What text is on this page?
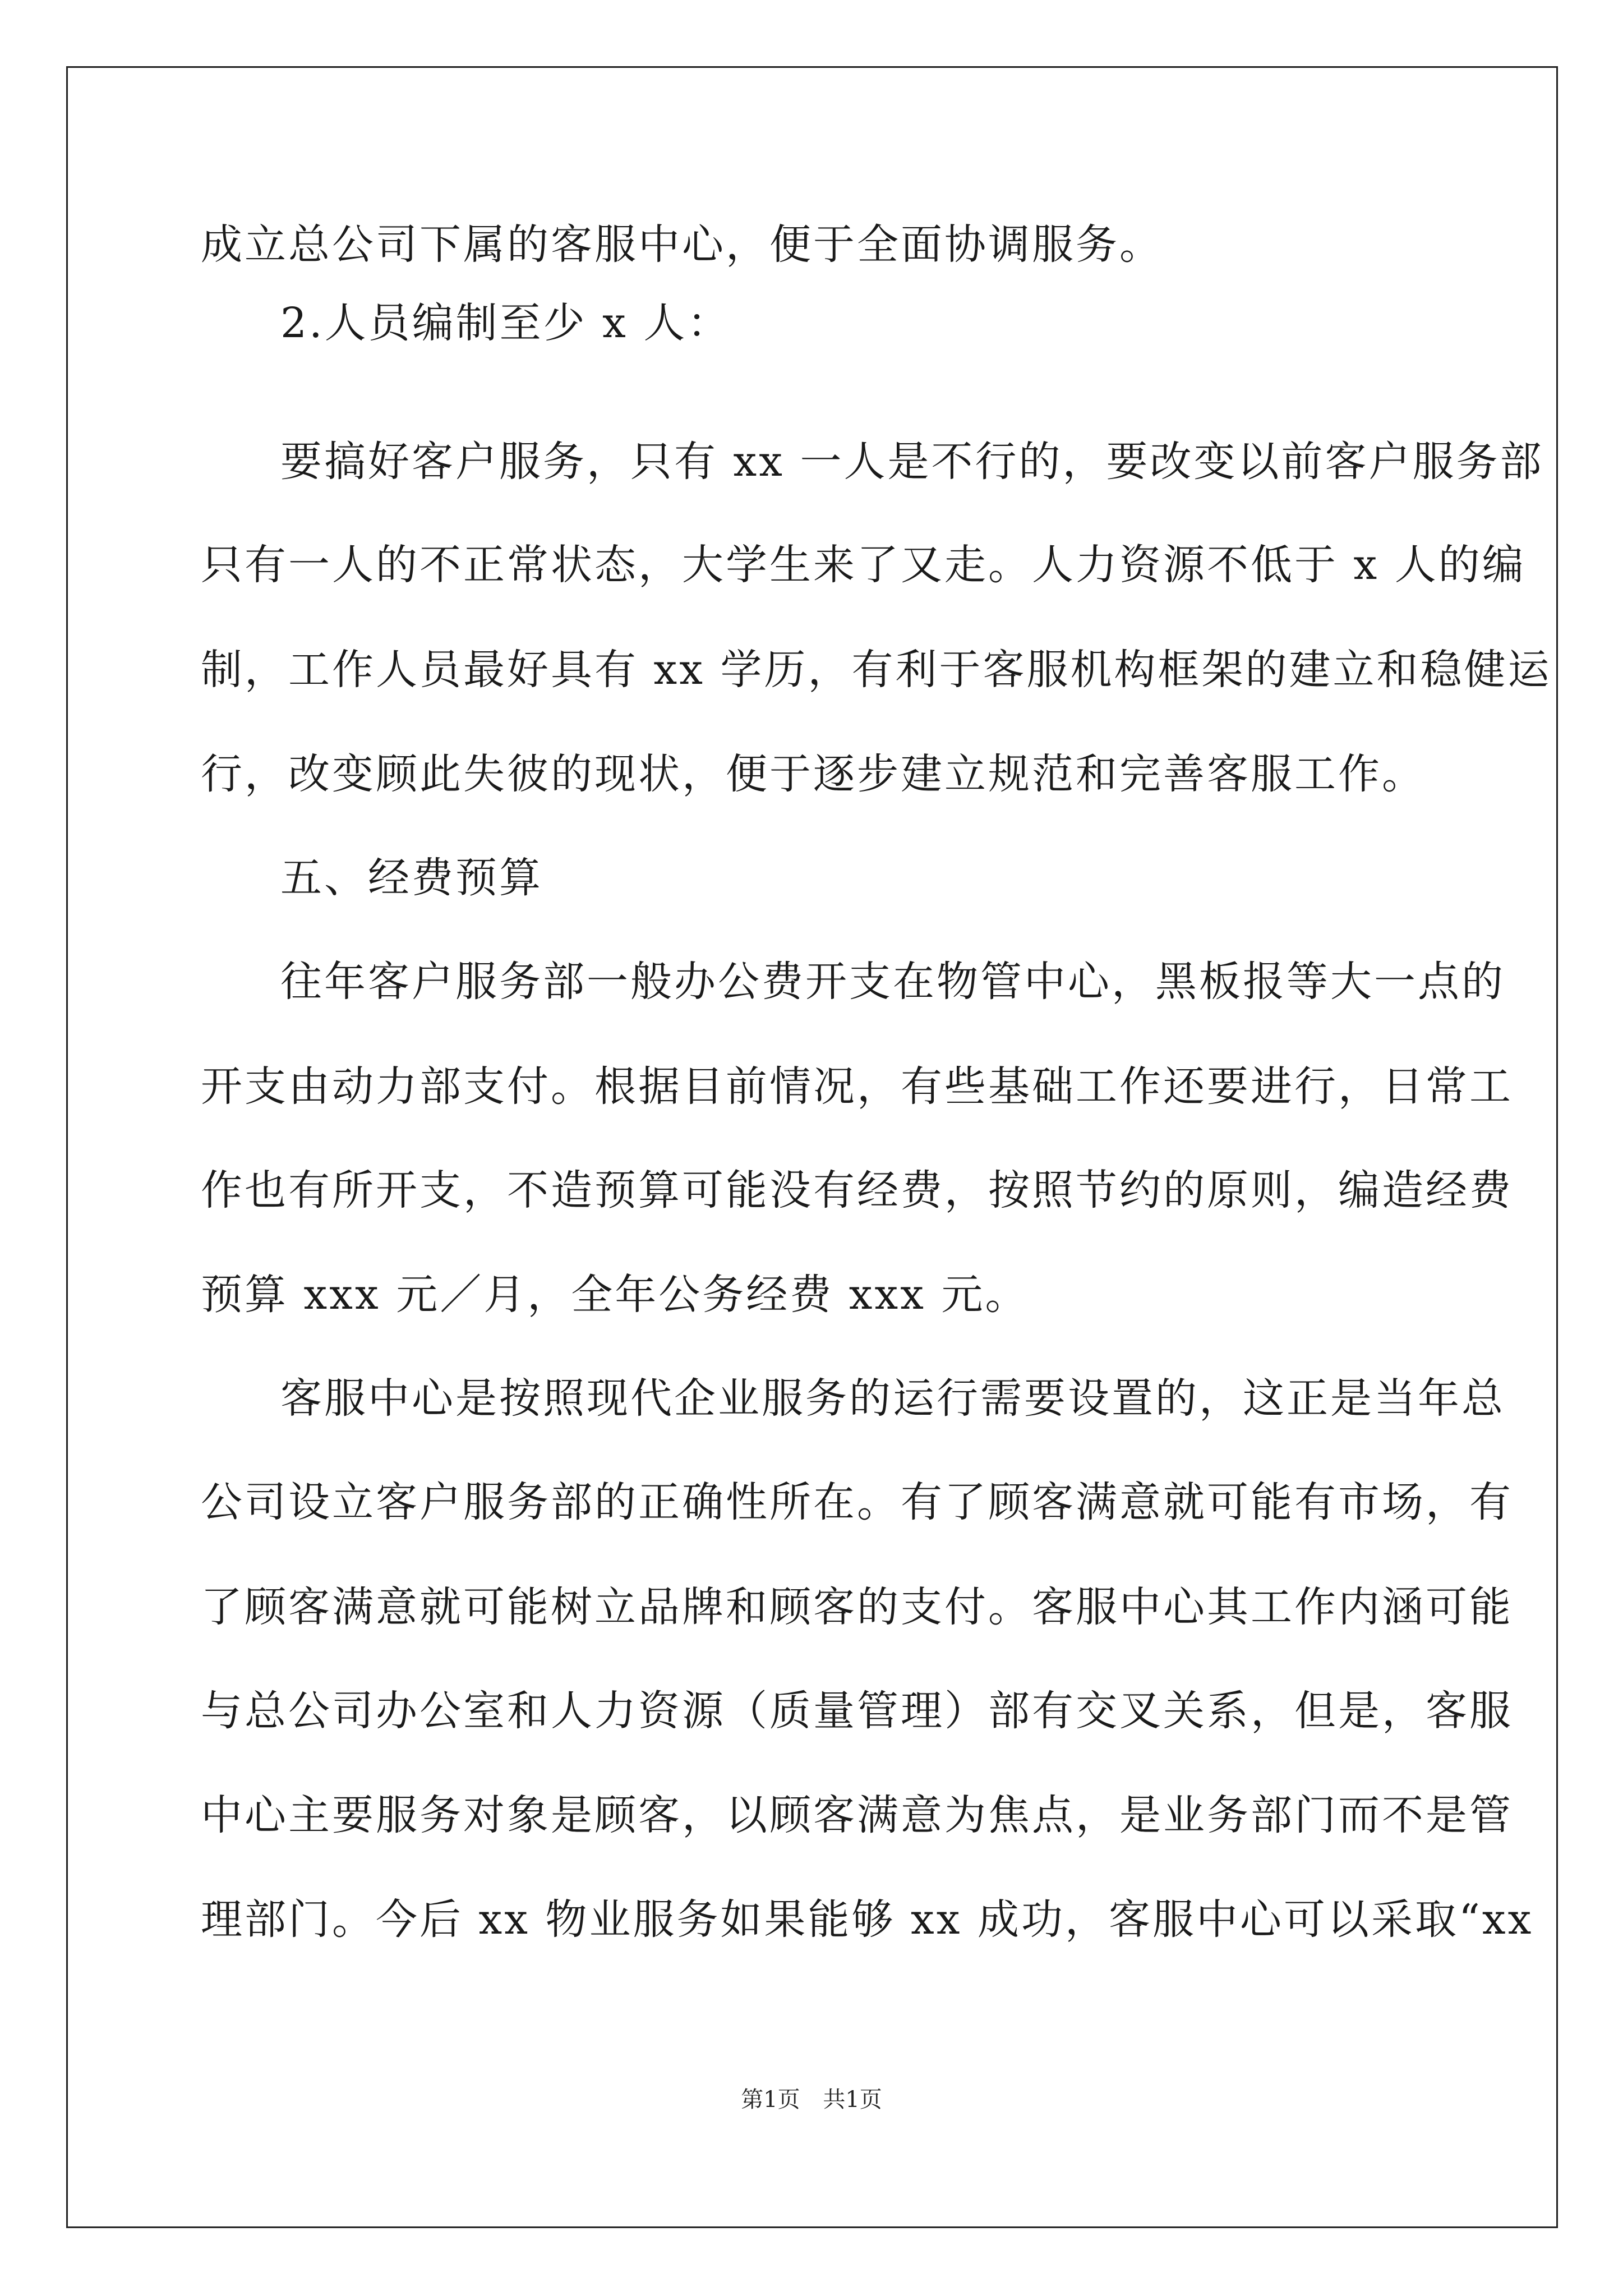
成立总公司下属的客服中心，便于全面协调服务。
2.人员编制至少 x 人：
要搞好客户服务，只有 xx 一人是不行的，要改变以前客户服务部
只有一人的不正常状态，大学生来了又走。人力资源不低于 x 人的编
制，工作人员最好具有 xx 学历，有利于客服机构框架的建立和稳健运
行，改变顾此失彼的现状，便于逐步建立规范和完善客服工作。
五、经费预算
往年客户服务部一般办公费开支在物管中心，黑板报等大一点的
开支由动力部支付。根据目前情况，有些基础工作还要进行，日常工
作也有所开支，不造预算可能没有经费，按照节约的原则，编造经费
预算 xxx 元／月，全年公务经费 xxx 元。
客服中心是按照现代企业服务的运行需要设置的，这正是当年总
公司设立客户服务部的正确性所在。有了顾客满意就可能有市场，有
了顾客满意就可能树立品牌和顾客的支付。客服中心其工作内涵可能
与总公司办公室和人力资源（质量管理）部有交叉关系，但是，客服
中心主要服务对象是顾客，以顾客满意为焦点，是业务部门而不是管
理部门。今后 xx 物业服务如果能够 xx 成功，客服中心可以采取“xx
第1页 共1页
